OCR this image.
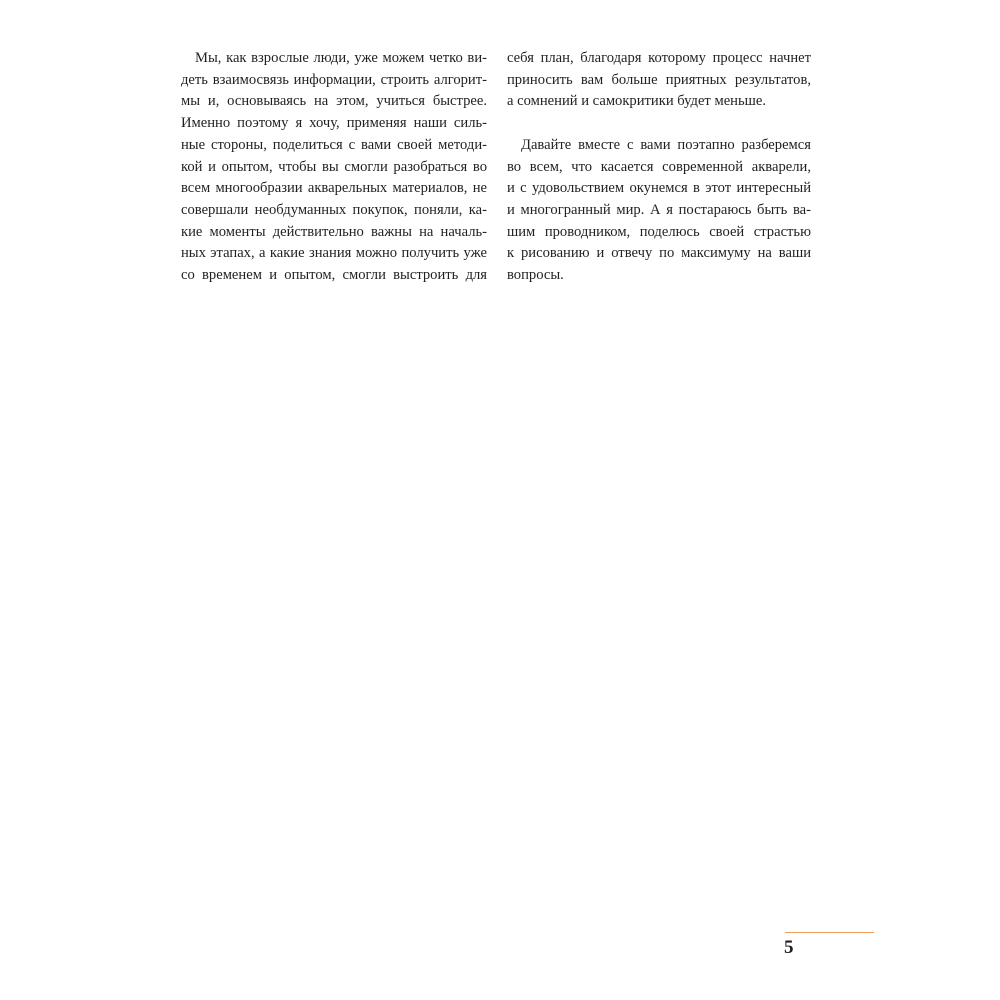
Мы, как взрослые люди, уже можем четко ви-
деть взаимосвязь информации, строить алгорит-
мы и, основываясь на этом, учиться быстрее.
Именно поэтому я хочу, применяя наши силь-
ные стороны, поделиться с вами своей методи-
кой и опытом, чтобы вы смогли разобраться во
всем многообразии акварельных материалов, не
совершали необдуманных покупок, поняли, ка-
кие моменты действительно важны на началь-
ных этапах, а какие знания можно получить уже
со временем и опытом, смогли выстроить для
себя план, благодаря которому процесс начнет
приносить вам больше приятных результатов,
а сомнений и самокритики будет меньше.
Давайте вместе с вами поэтапно разберемся
во всем, что касается современной акварели,
и с удовольствием окунемся в этот интересный
и многогранный мир. А я постараюсь быть ва-
шим проводником, поделюсь своей страстью
к рисованию и отвечу по максимуму на ваши
вопросы.
5
